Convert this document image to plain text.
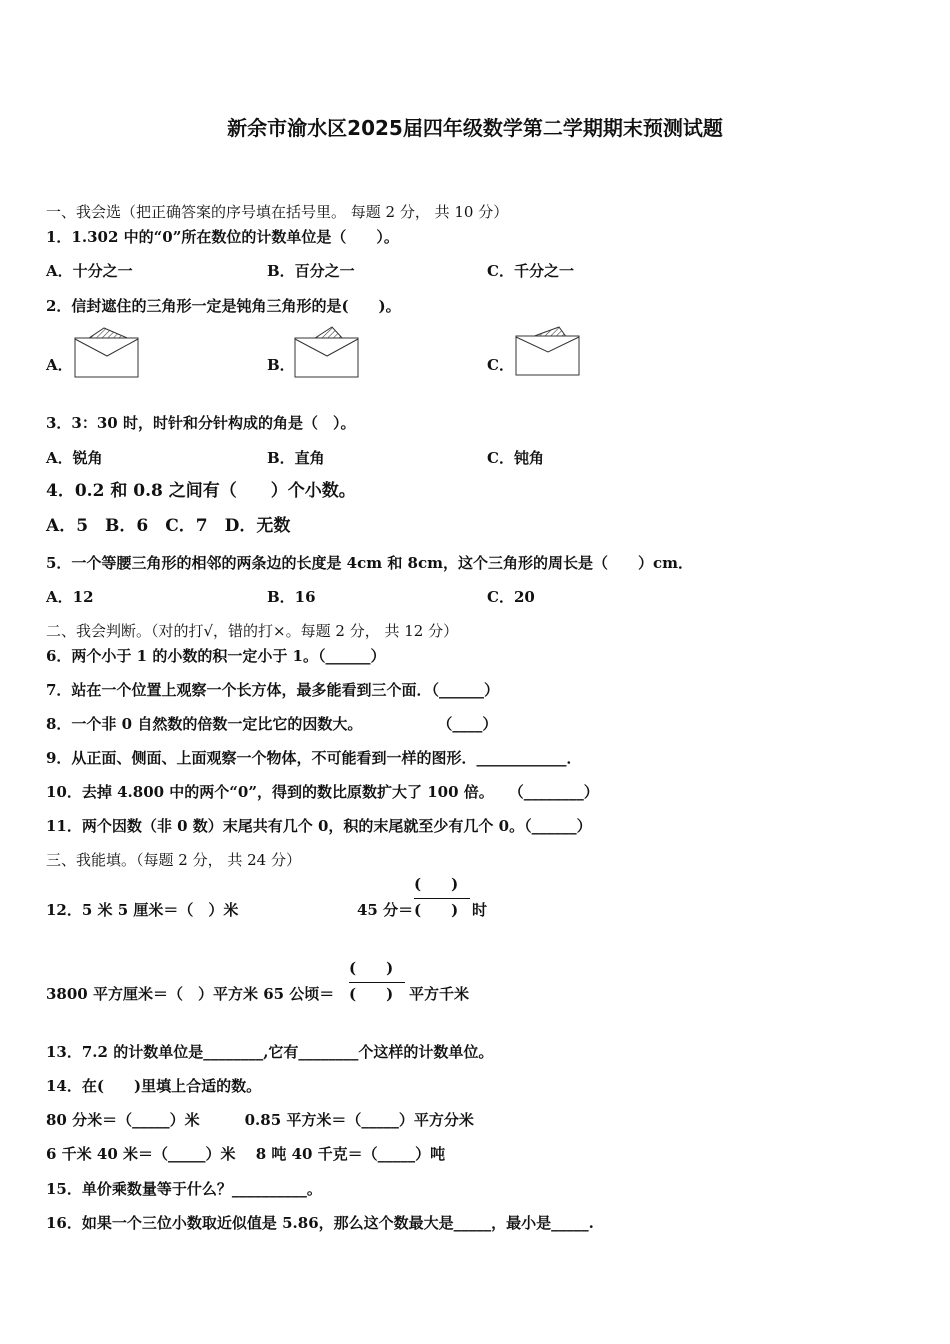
新余市渝水区2025届四年级数学第二学期期末预测试题
一、我会选（把正确答案的序号填在括号里。 每题 2 分， 共 10 分）
1．1.302 中的“0”所在数位的计数单位是（　　）。
A．十分之一	B．百分之一	C．千分之一
2．信封遮住的三角形一定是钝角三角形的是(　　)。
A．	B．	C．
3．3：30 时，时针和分针构成的角是（　）。
A．锐角	B．直角	C．钝角
4．0.2 和 0.8 之间有（　　）个小数。
A．5　B．6　C．7　D．无数
5．一个等腰三角形的相邻的两条边的长度是 4cm 和 8cm，这个三角形的周长是（　　）cm．
A．12	B．16	C．20
二、我会判断。（对的打√，错的打×。每题 2 分， 共 12 分）
6．两个小于 1 的小数的积一定小于 1。（______）
7．站在一个位置上观察一个长方体，最多能看到三个面．（______）
8．一个非 0 自然数的倍数一定比它的因数大。　　　　　　（____）
9．从正面、侧面、上面观察一个物体，不可能看到一样的图形．____________．
10．去掉 4.800 中的两个“0”，得到的数比原数扩大了 100 倍。　　（________）
11．两个因数（非 0 数）末尾共有几个 0，积的末尾就至少有几个 0。（______）
三、我能填。（每题 2 分， 共 24 分）
12．5 米 5 厘米＝（　）米	45 分＝
(　　)
(　　) 时
3800 平方厘米＝（　）平方米 65 公顷＝
(　　)
(　　) 平方千米
13．7.2 的计数单位是________,它有________个这样的计数单位。
14．在(　　)里填上合适的数。
80 分米＝（_____）米　　　0.85 平方米＝（_____）平方分米
6 千米 40 米＝（_____）米　 8 吨 40 千克＝（_____）吨
15．单价乘数量等于什么？__________。
16．如果一个三位小数取近似值是 5.86，那么这个数最大是_____，最小是_____.
